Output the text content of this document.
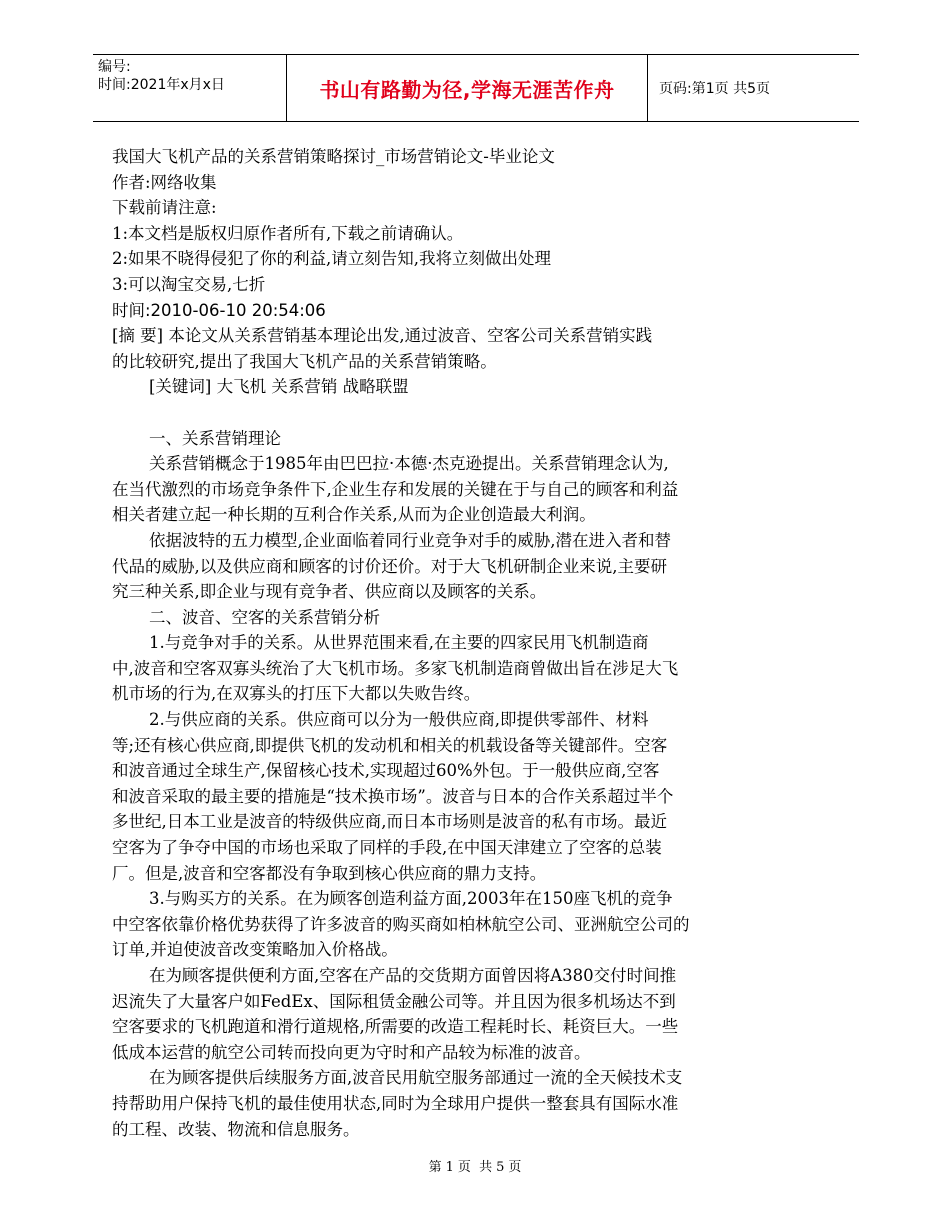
编号:
时间:2021年x月x日	书山有路勤为径,学海无涯苦作舟	页码:第1页 共5页
我国大飞机产品的关系营销策略探讨_市场营销论文-毕业论文
作者:网络收集
下载前请注意:
1:本文档是版权归原作者所有,下载之前请确认。
2:如果不晓得侵犯了你的利益,请立刻告知,我将立刻做出处理
3:可以淘宝交易,七折
时间:2010-06-10 20:54:06
[摘 要] 本论文从关系营销基本理论出发,通过波音、空客公司关系营销实践
的比较研究,提出了我国大飞机产品的关系营销策略。
[关键词] 大飞机 关系营销 战略联盟
一、关系营销理论
关系营销概念于1985年由巴巴拉·本德·杰克逊提出。关系营销理念认为,
在当代激烈的市场竞争条件下,企业生存和发展的关键在于与自己的顾客和利益
相关者建立起一种长期的互利合作关系,从而为企业创造最大利润。
依据波特的五力模型,企业面临着同行业竞争对手的威胁,潜在进入者和替
代品的威胁,以及供应商和顾客的讨价还价。对于大飞机研制企业来说,主要研
究三种关系,即企业与现有竞争者、供应商以及顾客的关系。
二、波音、空客的关系营销分析
1.与竞争对手的关系。从世界范围来看,在主要的四家民用飞机制造商
中,波音和空客双寡头统治了大飞机市场。多家飞机制造商曾做出旨在涉足大飞
机市场的行为,在双寡头的打压下大都以失败告终。
2.与供应商的关系。供应商可以分为一般供应商,即提供零部件、材料
等;还有核心供应商,即提供飞机的发动机和相关的机载设备等关键部件。空客
和波音通过全球生产,保留核心技术,实现超过60%外包。于一般供应商,空客
和波音采取的最主要的措施是“技术换市场”。波音与日本的合作关系超过半个
多世纪,日本工业是波音的特级供应商,而日本市场则是波音的私有市场。最近
空客为了争夺中国的市场也采取了同样的手段,在中国天津建立了空客的总装
厂。但是,波音和空客都没有争取到核心供应商的鼎力支持。
3.与购买方的关系。在为顾客创造利益方面,2003年在150座飞机的竞争
中空客依靠价格优势获得了许多波音的购买商如柏林航空公司、亚洲航空公司的
订单,并迫使波音改变策略加入价格战。
在为顾客提供便利方面,空客在产品的交货期方面曾因将A380交付时间推
迟流失了大量客户如FedEx、国际租赁金融公司等。并且因为很多机场达不到
空客要求的飞机跑道和滑行道规格,所需要的改造工程耗时长、耗资巨大。一些
低成本运营的航空公司转而投向更为守时和产品较为标准的波音。
在为顾客提供后续服务方面,波音民用航空服务部通过一流的全天候技术支
持帮助用户保持飞机的最佳使用状态,同时为全球用户提供一整套具有国际水准
的工程、改装、物流和信息服务。
第 1 页 共 5 页
